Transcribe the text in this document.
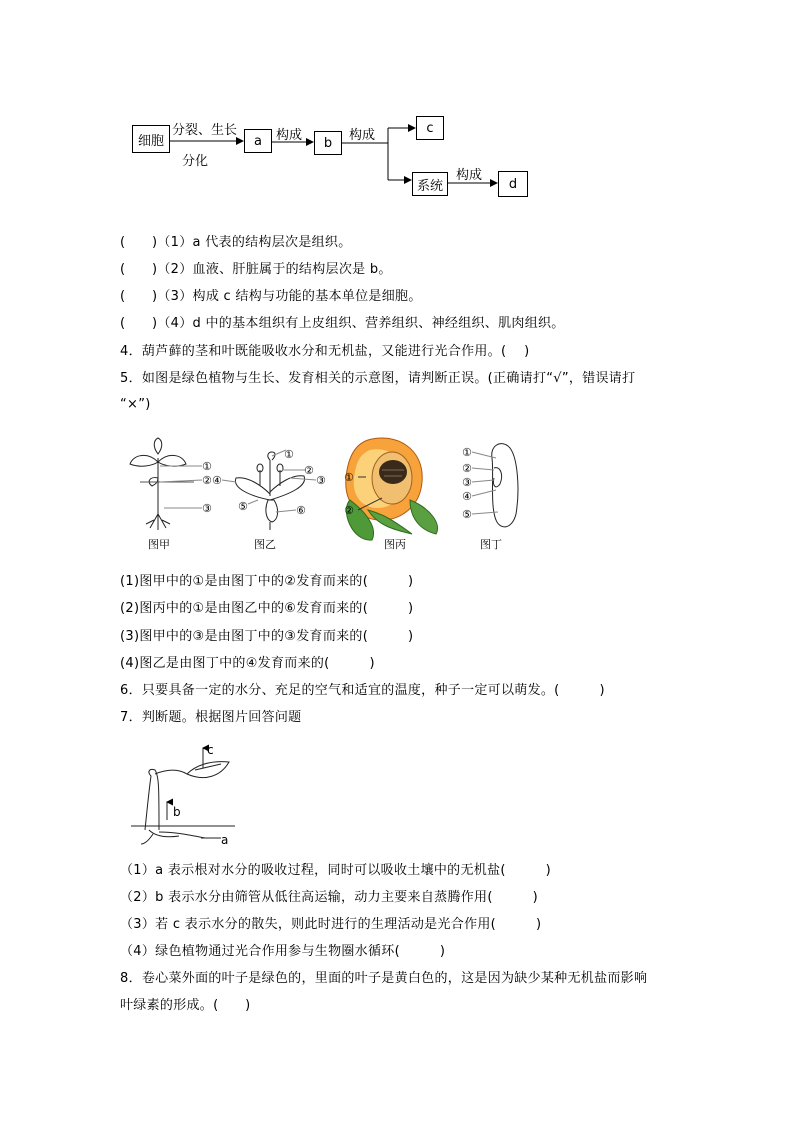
细胞
分裂、生长
分化
a	构成	b	构成	c
系统
构成
d
(　　)（1）a 代表的结构层次是组织。
(　　)（2）血液、肝脏属于的结构层次是 b。
(　　)（3）构成 c 结构与功能的基本单位是细胞。
(　　)（4）d 中的基本组织有上皮组织、营养组织、神经组织、肌肉组织。
4．葫芦藓的茎和叶既能吸收水分和无机盐，又能进行光合作用。(　 )
5．如图是绿色植物与生长、发育相关的示意图，请判断正误。(正确请打“√”，错误请打
“×”)
①
②
③
图甲
①
②
③
④
⑤	⑥
图乙
①
②
图丙
①
②
③
④
⑤
图丁
(1)图甲中的①是由图丁中的②发育而来的(　　　)
(2)图丙中的①是由图乙中的⑥发育而来的(　　　)
(3)图甲中的③是由图丁中的③发育而来的(　　　)
(4)图乙是由图丁中的④发育而来的(　　　)
6．只要具备一定的水分、充足的空气和适宜的温度，种子一定可以萌发。(　　　)
7．判断题。根据图片回答问题
c
b
a
（1）a 表示根对水分的吸收过程，同时可以吸收土壤中的无机盐(　　　)
（2）b 表示水分由筛管从低往高运输，动力主要来自蒸腾作用(　　　)
（3）若 c 表示水分的散失，则此时进行的生理活动是光合作用(　　　)
（4）绿色植物通过光合作用参与生物圈水循环(　　　)
8．卷心菜外面的叶子是绿色的，里面的叶子是黄白色的，这是因为缺少某种无机盐而影响
叶绿素的形成。(　　)
